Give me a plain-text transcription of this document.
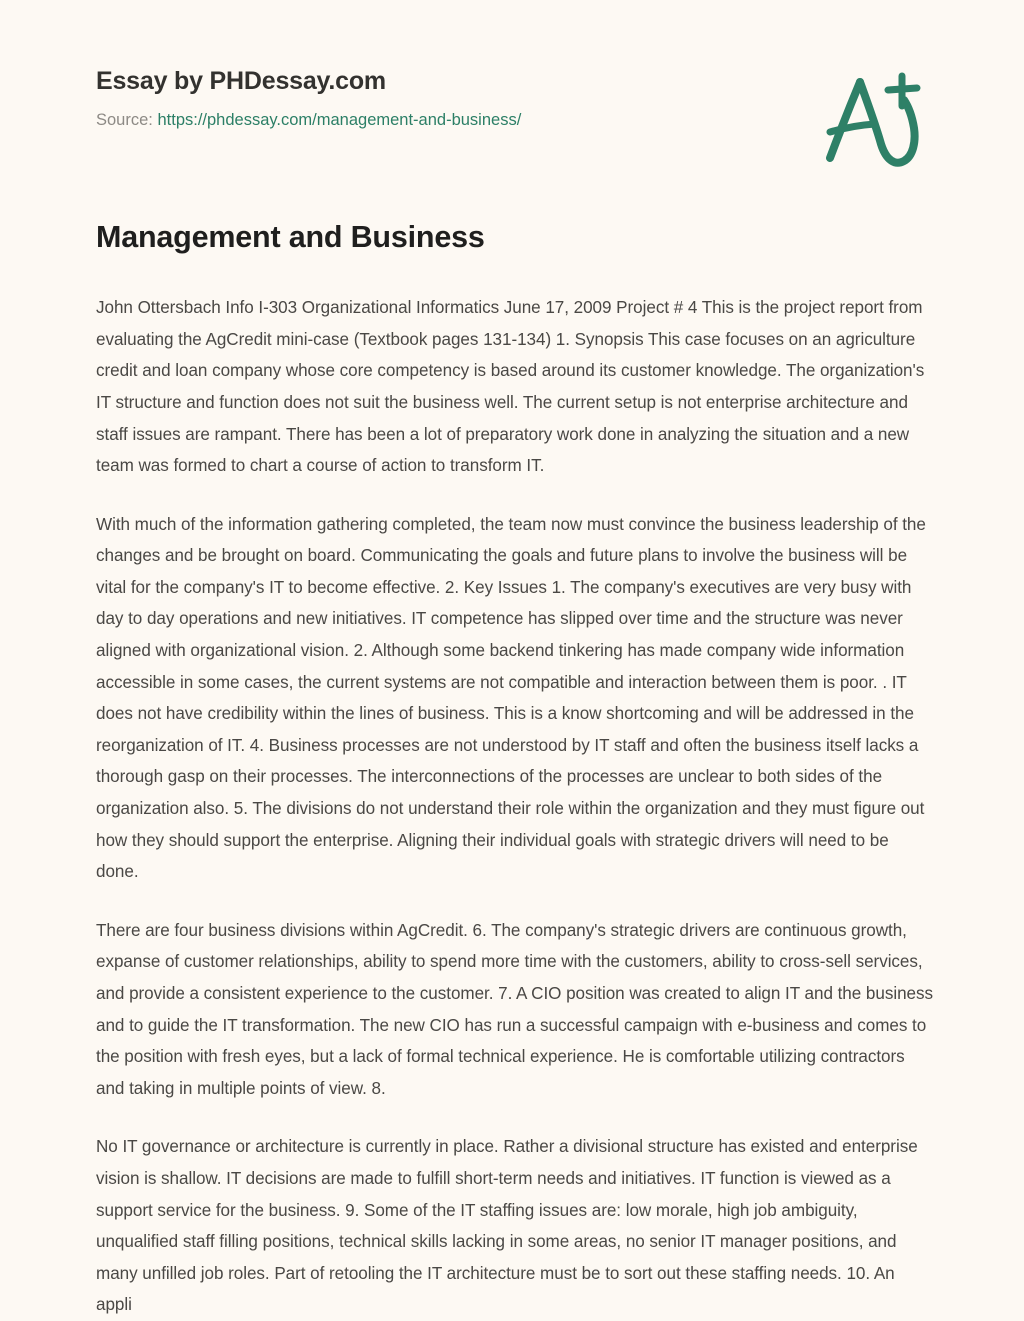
Essay by PHDessay.com
Source: https://phdessay.com/management-and-business/
Management and Business

John Ottersbach Info I-303 Organizational Informatics June 17, 2009 Project # 4 This is the project report from evaluating the AgCredit mini-case (Textbook pages 131-134) 1. Synopsis This case focuses on an agriculture credit and loan company whose core competency is based around its customer knowledge. The organization's IT structure and function does not suit the business well. The current setup is not enterprise architecture and staff issues are rampant. There has been a lot of preparatory work done in analyzing the situation and a new team was formed to chart a course of action to transform IT.

With much of the information gathering completed, the team now must convince the business leadership of the changes and be brought on board. Communicating the goals and future plans to involve the business will be vital for the company's IT to become effective. 2. Key Issues 1. The company's executives are very busy with day to day operations and new initiatives. IT competence has slipped over time and the structure was never aligned with organizational vision. 2. Although some backend tinkering has made company wide information accessible in some cases, the current systems are not compatible and interaction between them is poor. . IT does not have credibility within the lines of business. This is a know shortcoming and will be addressed in the reorganization of IT. 4. Business processes are not understood by IT staff and often the business itself lacks a thorough gasp on their processes. The interconnections of the processes are unclear to both sides of the organization also. 5. The divisions do not understand their role within the organization and they must figure out how they should support the enterprise. Aligning their individual goals with strategic drivers will need to be done.

There are four business divisions within AgCredit. 6. The company's strategic drivers are continuous growth, expanse of customer relationships, ability to spend more time with the customers, ability to cross-sell services, and provide a consistent experience to the customer. 7. A CIO position was created to align IT and the business and to guide the IT transformation. The new CIO has run a successful campaign with e-business and comes to the position with fresh eyes, but a lack of formal technical experience. He is comfortable utilizing contractors and taking in multiple points of view. 8.

No IT governance or architecture is currently in place. Rather a divisional structure has existed and enterprise vision is shallow. IT decisions are made to fulfill short-term needs and initiatives. IT function is viewed as a support service for the business. 9. Some of the IT staffing issues are: low morale, high job ambiguity, unqualified staff filling positions, technical skills lacking in some areas, no senior IT manager positions, and many unfilled job roles. Part of retooling the IT architecture must be to sort out these staffing needs. 10. An appli
